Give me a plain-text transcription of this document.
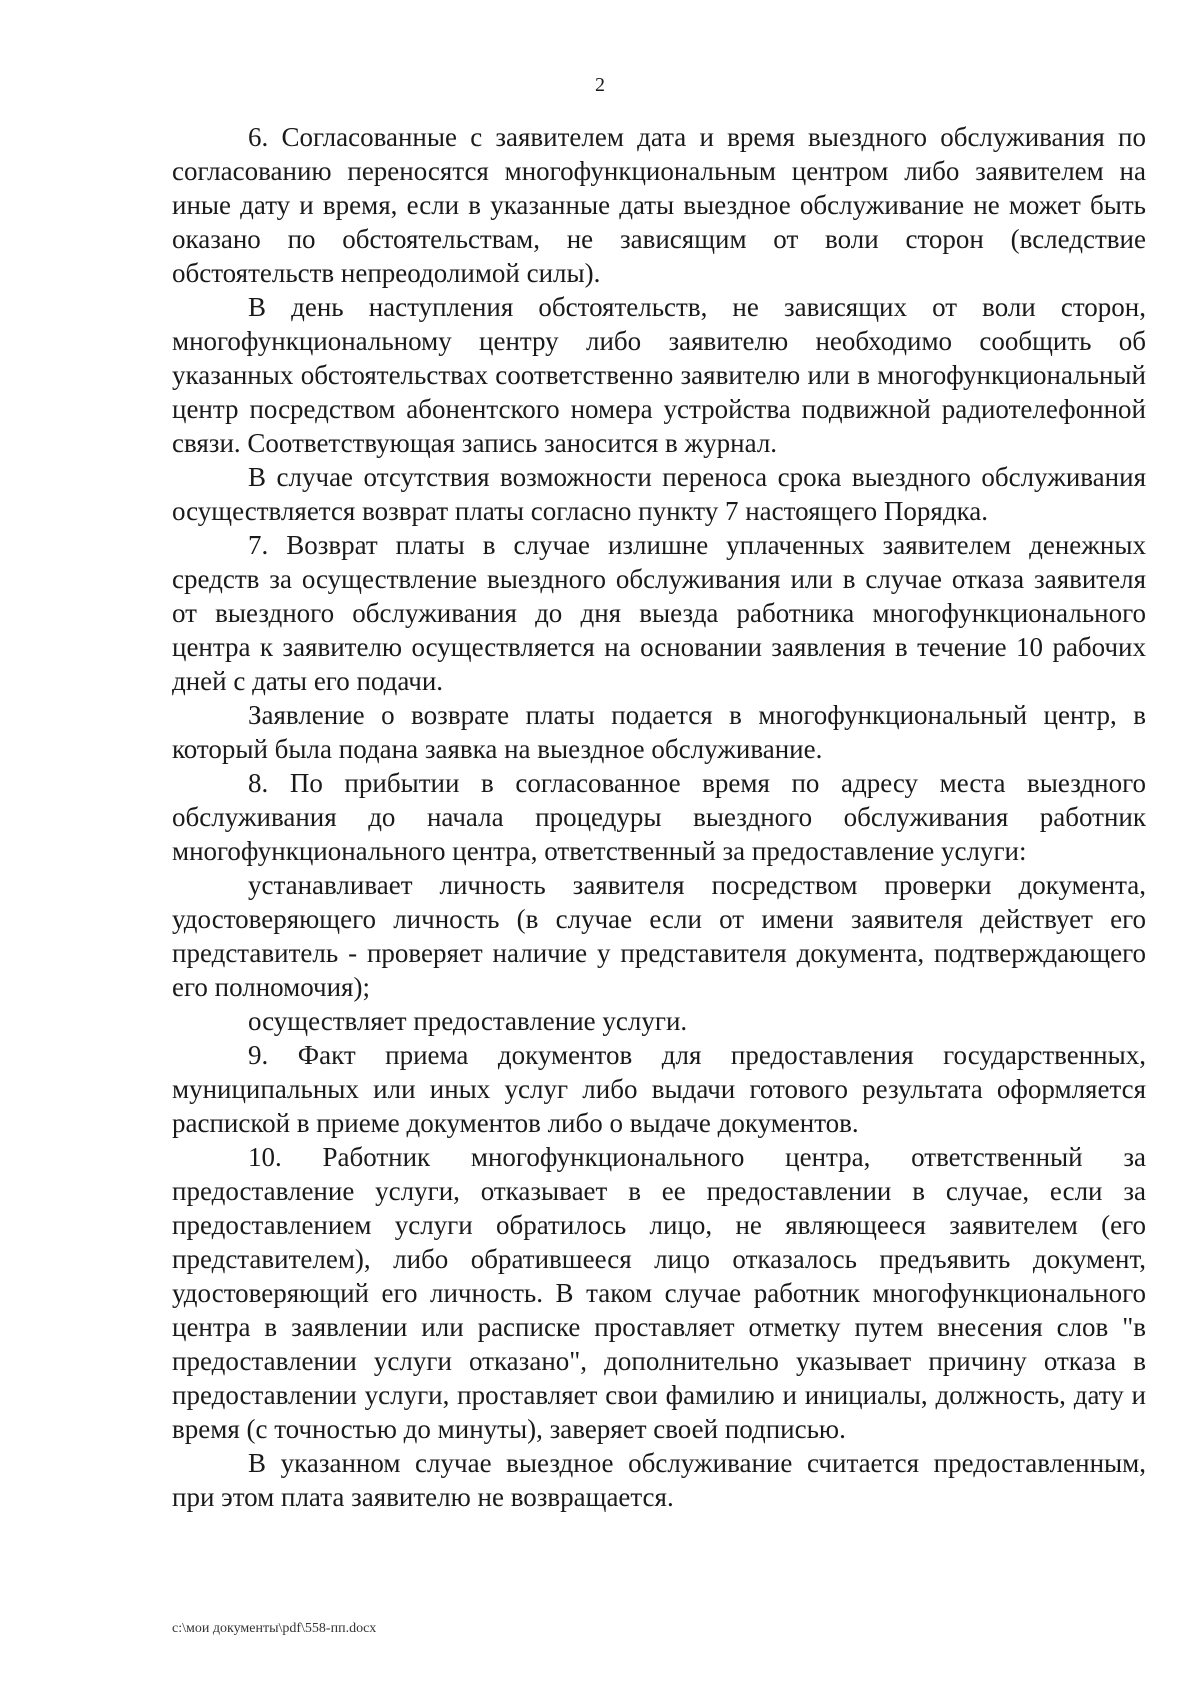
2

6. Согласованные с заявителем дата и время выездного обслуживания по согласованию переносятся многофункциональным центром либо заявителем на иные дату и время, если в указанные даты выездное обслуживание не может быть оказано по обстоятельствам, не зависящим от воли сторон (вследствие обстоятельств непреодолимой силы).

В день наступления обстоятельств, не зависящих от воли сторон, многофункциональному центру либо заявителю необходимо сообщить об указанных обстоятельствах соответственно заявителю или в многофункциональный центр посредством абонентского номера устройства подвижной радиотелефонной связи. Соответствующая запись заносится в журнал.

В случае отсутствия возможности переноса срока выездного обслуживания осуществляется возврат платы согласно пункту 7 настоящего Порядка.

7. Возврат платы в случае излишне уплаченных заявителем денежных средств за осуществление выездного обслуживания или в случае отказа заявителя от выездного обслуживания до дня выезда работника многофункционального центра к заявителю осуществляется на основании заявления в течение 10 рабочих дней с даты его подачи.

Заявление о возврате платы подается в многофункциональный центр, в который была подана заявка на выездное обслуживание.

8. По прибытии в согласованное время по адресу места выездного обслуживания до начала процедуры выездного обслуживания работник многофункционального центра, ответственный за предоставление услуги:

устанавливает личность заявителя посредством проверки документа, удостоверяющего личность (в случае если от имени заявителя действует его представитель - проверяет наличие у представителя документа, подтверждающего его полномочия);

осуществляет предоставление услуги.

9. Факт приема документов для предоставления государственных, муниципальных или иных услуг либо выдачи готового результата оформляется распиской в приеме документов либо о выдаче документов.

10. Работник многофункционального центра, ответственный за предоставление услуги, отказывает в ее предоставлении в случае, если за предоставлением услуги обратилось лицо, не являющееся заявителем (его представителем), либо обратившееся лицо отказалось предъявить документ, удостоверяющий его личность. В таком случае работник многофункционального центра в заявлении или расписке проставляет отметку путем внесения слов "в предоставлении услуги отказано", дополнительно указывает причину отказа в предоставлении услуги, проставляет свои фамилию и инициалы, должность, дату и время (с точностью до минуты), заверяет своей подписью.

В указанном случае выездное обслуживание считается предоставленным, при этом плата заявителю не возвращается.

c:\мои документы\pdf\558-пп.docx
